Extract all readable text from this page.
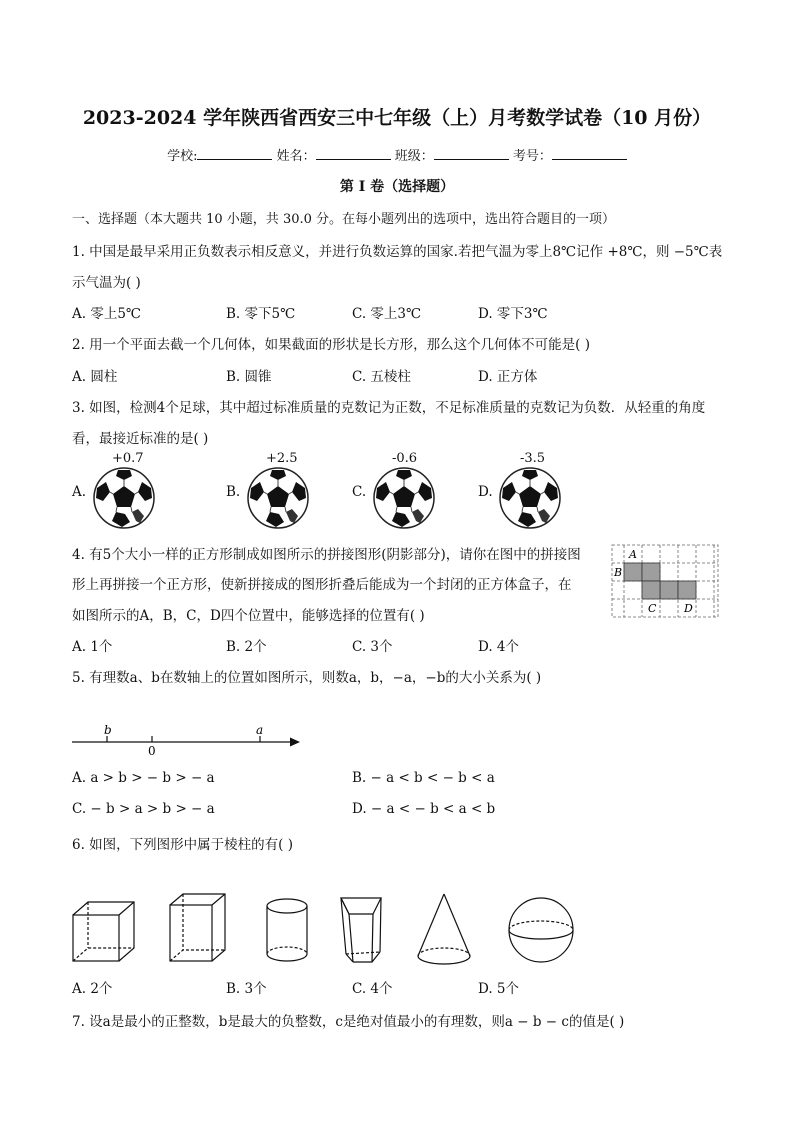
2023-2024 学年陕西省西安三中七年级（上）月考数学试卷（10 月份）
学校:	姓名：	班级：	考号：
第 I 卷（选择题）
一、选择题（本大题共 10 小题，共 30.0 分。在每小题列出的选项中，选出符合题目的一项）
1. 中国是最早采用正负数表示相反意义，并进行负数运算的国家.若把气温为零上8℃记作 +8℃，则 −5℃表
示气温为( )
A. 零上5℃	B. 零下5℃	C. 零上3℃	D. 零下3℃
2. 用一个平面去截一个几何体，如果截面的形状是长方形，那么这个几何体不可能是( )
A. 圆柱	B. 圆锥	C. 五棱柱	D. 正方体
3. 如图，检测4个足球，其中超过标准质量的克数记为正数，不足标准质量的克数记为负数．从轻重的角度
看，最接近标准的是( )
+0.7	+2.5	-0.6	-3.5
A.	B.	C.	D.
4. 有5个大小一样的正方形制成如图所示的拼接图形(阴影部分)，请你在图中的拼接图
形上再拼接一个正方形，使新拼接成的图形折叠后能成为一个封闭的正方体盒子，在
如图所示的A，B，C，D四个位置中，能够选择的位置有( )
A
B
C	D
A. 1个	B. 2个	C. 3个	D. 4个
5. 有理数a、b在数轴上的位置如图所示，则数a，b，−a，−b的大小关系为( )
b
0
a
A. a > b > − b > − a	B. − a < b < − b < a
C. − b > a > b > − a	D. − a < − b < a < b
6. 如图，下列图形中属于棱柱的有( )
A. 2个	B. 3个	C. 4个	D. 5个
7. 设a是最小的正整数，b是最大的负整数，c是绝对值最小的有理数，则a − b − c的值是( )
